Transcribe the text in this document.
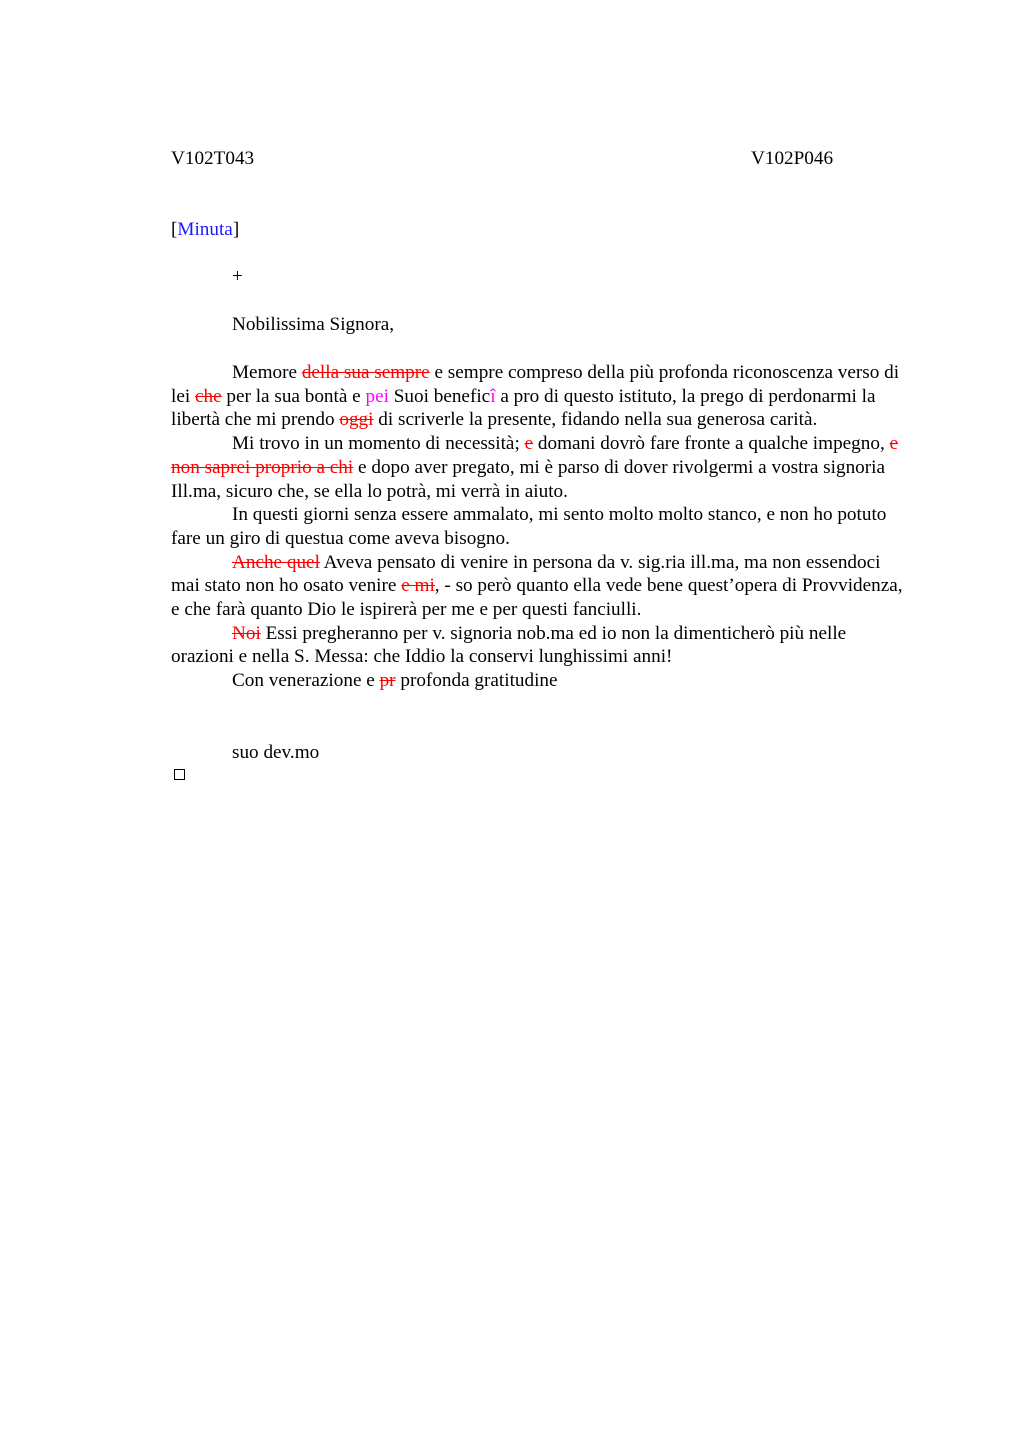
V102T043	V102P046
[Minuta]
+
Nobilissima Signora,

Memore della sua sempre e sempre compreso della più profonda riconoscenza verso di lei che per la sua bontà e pei Suoi beneficî a pro di questo istituto, la prego di perdonarmi la libertà che mi prendo oggi di scriverle la presente, fidando nella sua generosa carità.

Mi trovo in un momento di necessità; e domani dovrò fare fronte a qualche impegno, e non saprei proprio a chi e dopo aver pregato, mi è parso di dover rivolgermi a vostra signoria Ill.ma, sicuro che, se ella lo potrà, mi verrà in aiuto.

In questi giorni senza essere ammalato, mi sento molto molto stanco, e non ho potuto fare un giro di questua come aveva bisogno.

Anche quel Aveva pensato di venire in persona da v. sig.ria ill.ma, ma non essendoci mai stato non ho osato venire e mi, - so però quanto ella vede bene quest’opera di Provvidenza, e che farà quanto Dio le ispirerà per me e per questi fanciulli.

Noi Essi pregheranno per v. signoria nob.ma ed io non la dimenticherò più nelle orazioni e nella S. Messa: che Iddio la conservi lunghissimi anni!

Con venerazione e pr profonda gratitudine

suo dev.mo
